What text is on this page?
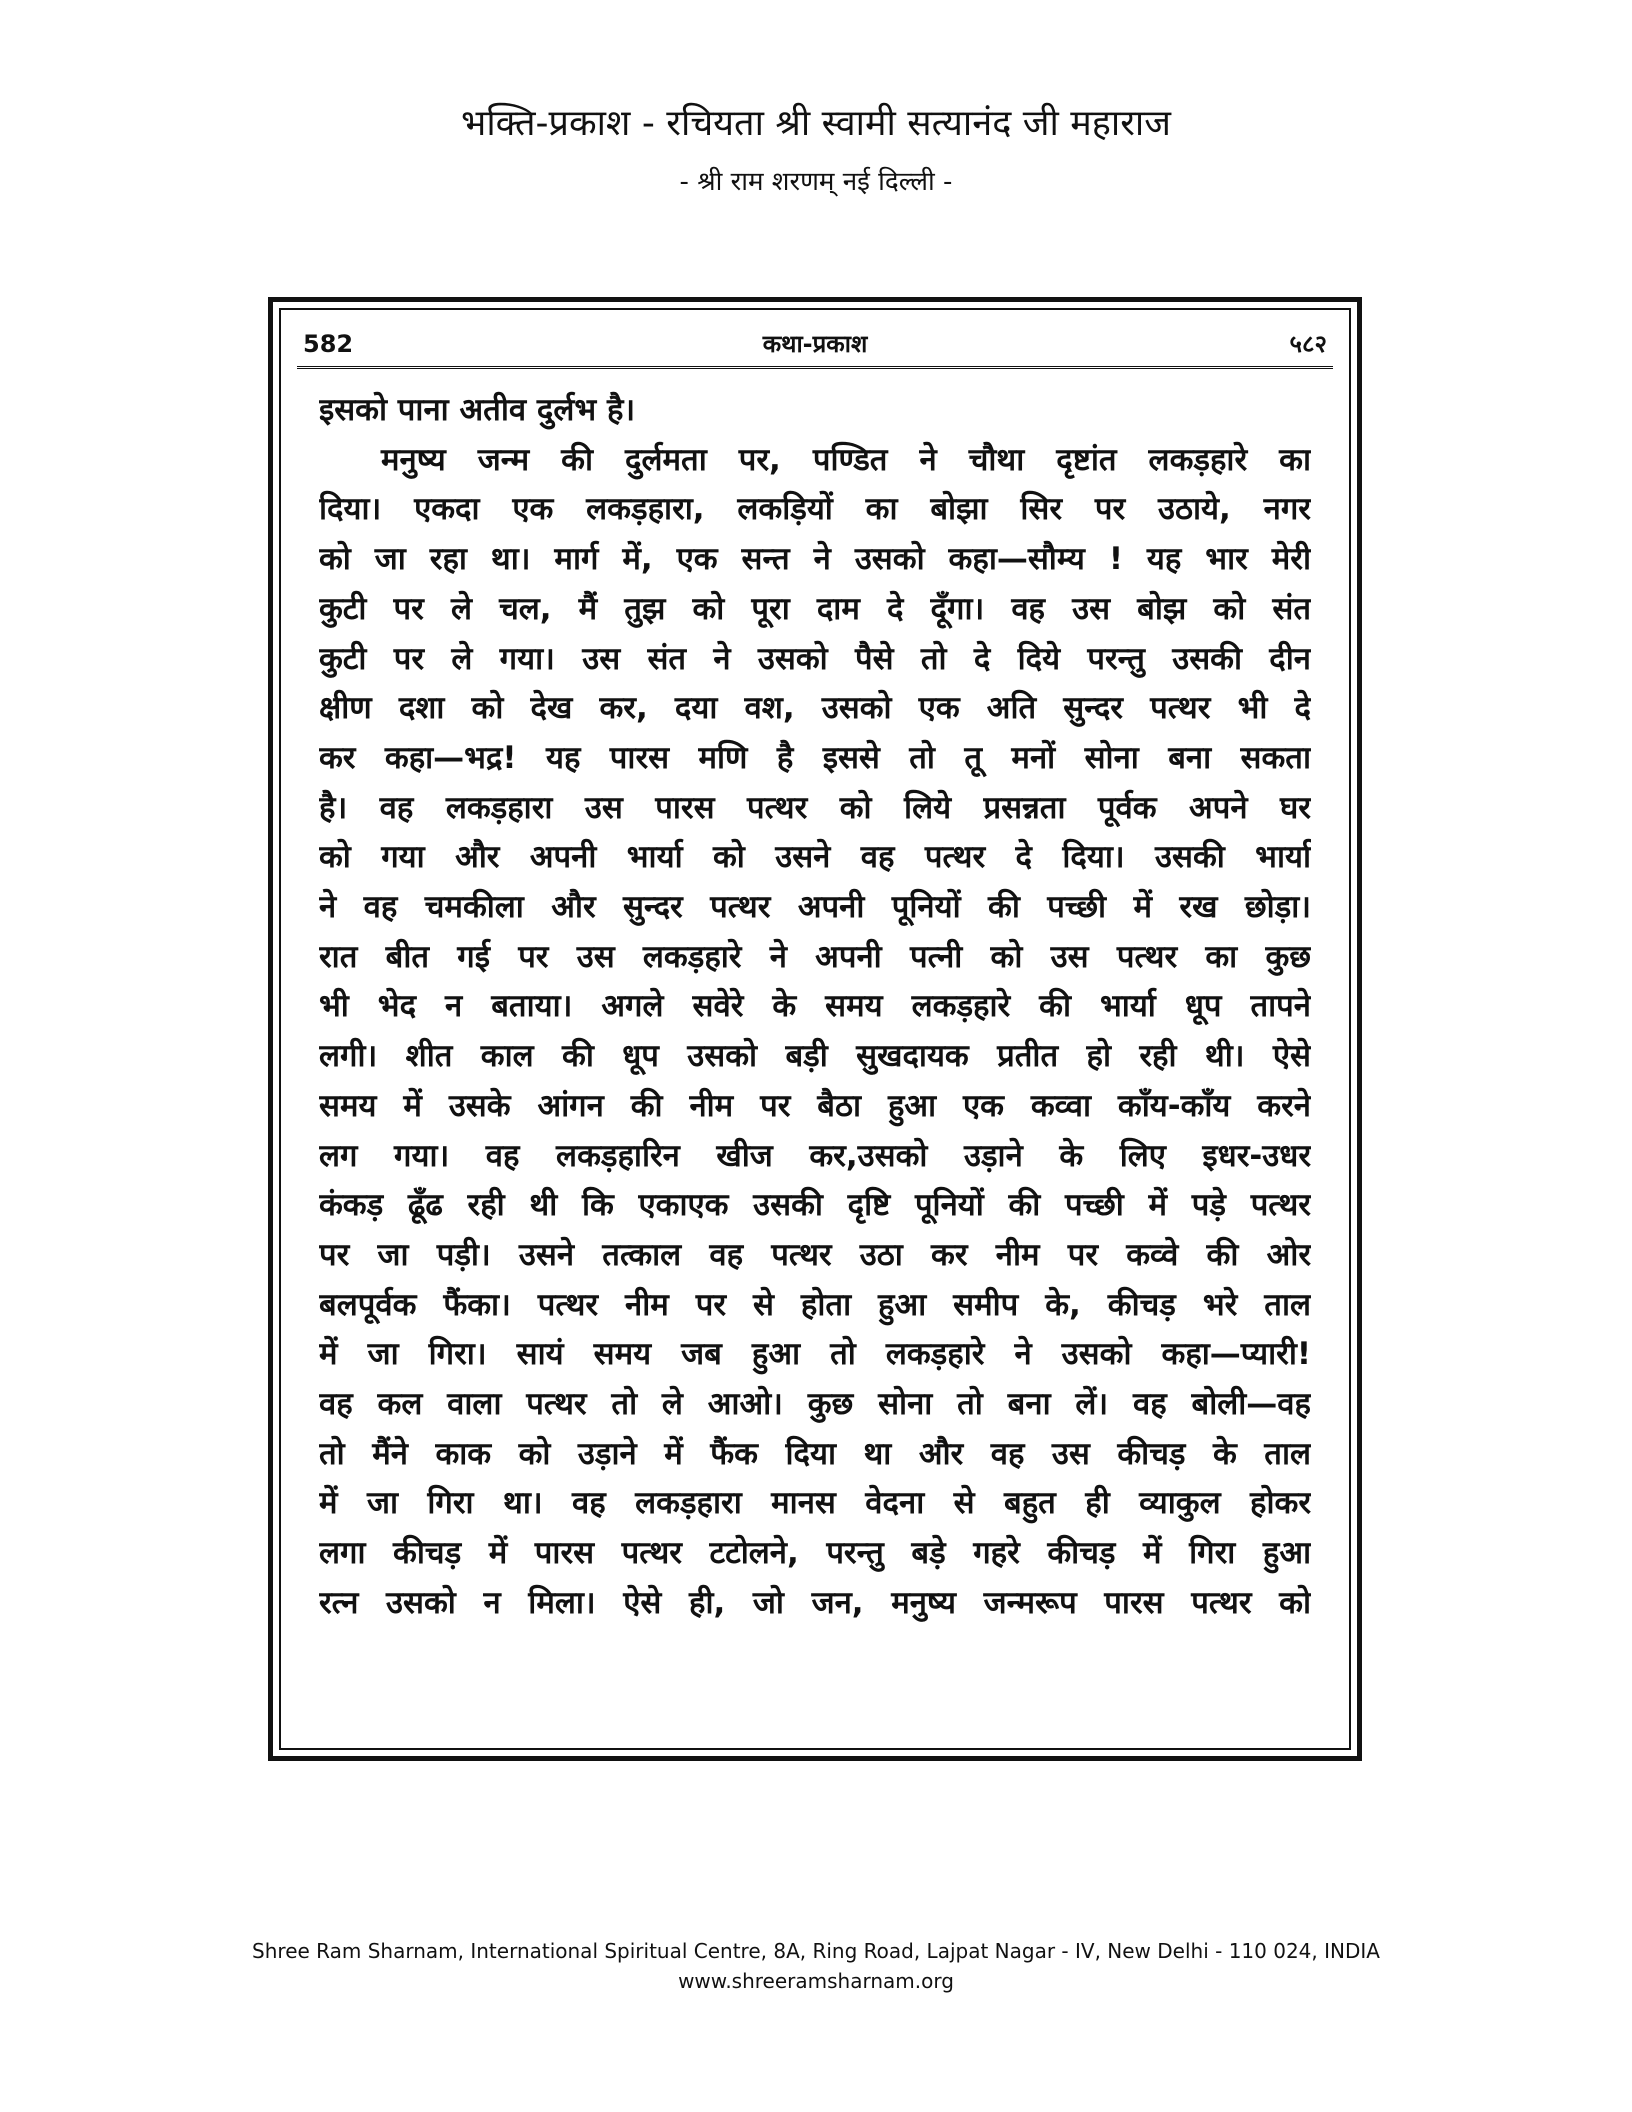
भक्ति-प्रकाश - रचियता श्री स्वामी सत्यानंद जी महाराज
- श्री राम शरणम् नई दिल्ली -
582	कथा-प्रकाश	५८२
इसको पाना अतीव दुर्लभ है।
मनुष्य जन्म की दुर्लमता पर, पण्डित ने चौथा दृष्टांत लकड़हारे का
दिया। एकदा एक लकड़हारा, लकड़ियों का बोझा सिर पर उठाये, नगर
को जा रहा था। मार्ग में, एक सन्त ने उसको कहा—सौम्य ! यह भार मेरी
कुटी पर ले चल, मैं तुझ को पूरा दाम दे दूँगा। वह उस बोझ को संत
कुटी पर ले गया। उस संत ने उसको पैसे तो दे दिये परन्तु उसकी दीन
क्षीण दशा को देख कर, दया वश, उसको एक अति सुन्दर पत्थर भी दे
कर कहा—भद्र! यह पारस मणि है इससे तो तू मनों सोना बना सकता
है। वह लकड़हारा उस पारस पत्थर को लिये प्रसन्नता पूर्वक अपने घर
को गया और अपनी भार्या को उसने वह पत्थर दे दिया। उसकी भार्या
ने वह चमकीला और सुन्दर पत्थर अपनी पूनियों की पच्छी में रख छोड़ा।
रात बीत गई पर उस लकड़हारे ने अपनी पत्नी को उस पत्थर का कुछ
भी भेद न बताया। अगले सवेरे के समय लकड़हारे की भार्या धूप तापने
लगी। शीत काल की धूप उसको बड़ी सुखदायक प्रतीत हो रही थी। ऐसे
समय में उसके आंगन की नीम पर बैठा हुआ एक कव्वा काँय-काँय करने
लग गया। वह लकड़हारिन खीज कर,उसको उड़ाने के लिए इधर-उधर
कंकड़ ढूँढ रही थी कि एकाएक उसकी दृष्टि पूनियों की पच्छी में पड़े पत्थर
पर जा पड़ी। उसने तत्काल वह पत्थर उठा कर नीम पर कव्वे की ओर
बलपूर्वक फैंका। पत्थर नीम पर से होता हुआ समीप के, कीचड़ भरे ताल
में जा गिरा। सायं समय जब हुआ तो लकड़हारे ने उसको कहा—प्यारी!
वह कल वाला पत्थर तो ले आओ। कुछ सोना तो बना लें। वह बोली—वह
तो मैंने काक को उड़ाने में फैंक दिया था और वह उस कीचड़ के ताल
में जा गिरा था। वह लकड़हारा मानस वेदना से बहुत ही व्याकुल होकर
लगा कीचड़ में पारस पत्थर टटोलने, परन्तु बड़े गहरे कीचड़ में गिरा हुआ
रत्न उसको न मिला। ऐसे ही, जो जन, मनुष्य जन्मरूप पारस पत्थर को
Shree Ram Sharnam, International Spiritual Centre, 8A, Ring Road, Lajpat Nagar - IV, New Delhi - 110 024, INDIA
www.shreeramsharnam.org
